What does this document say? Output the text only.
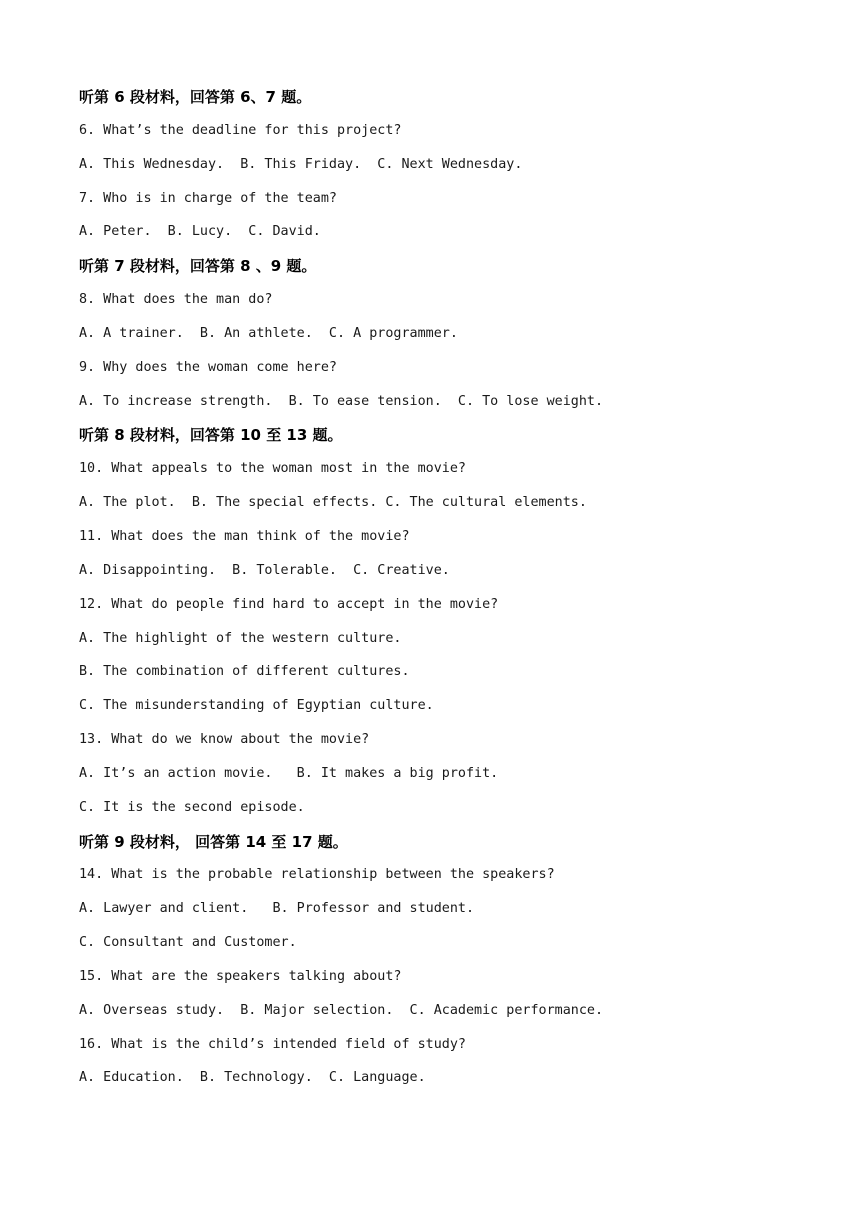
听第 6 段材料，回答第 6、7 题。
6. What’s the deadline for this project?
A. This Wednesday.  B. This Friday.  C. Next Wednesday.
7. Who is in charge of the team?
A. Peter.  B. Lucy.  C. David.
听第 7 段材料，回答第 8 、9 题。
8. What does the man do?
A. A trainer.  B. An athlete.  C. A programmer.
9. Why does the woman come here?
A. To increase strength.  B. To ease tension.  C. To lose weight.
听第 8 段材料，回答第 10 至 13 题。
10. What appeals to the woman most in the movie?
A. The plot.  B. The special effects. C. The cultural elements.
11. What does the man think of the movie?
A. Disappointing.  B. Tolerable.  C. Creative.
12. What do people find hard to accept in the movie?
A. The highlight of the western culture.
B. The combination of different cultures.
C. The misunderstanding of Egyptian culture.
13. What do we know about the movie?
A. It’s an action movie.   B. It makes a big profit.
C. It is the second episode.
听第 9 段材料， 回答第 14 至 17 题。
14. What is the probable relationship between the speakers?
A. Lawyer and client.   B. Professor and student.
C. Consultant and Customer.
15. What are the speakers talking about?
A. Overseas study.  B. Major selection.  C. Academic performance.
16. What is the child’s intended field of study?
A. Education.  B. Technology.  C. Language.
